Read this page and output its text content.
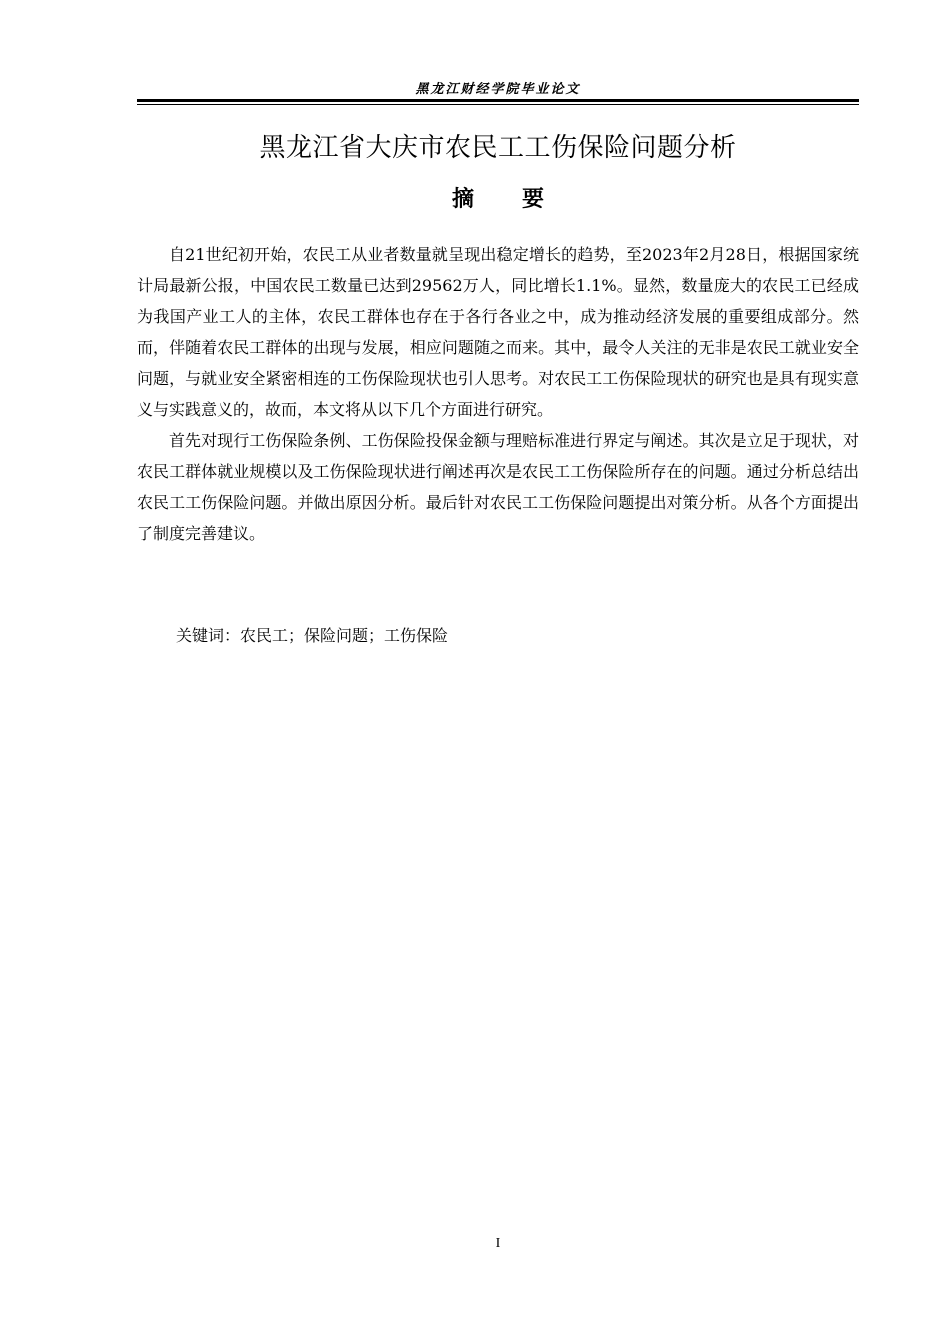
黑龙江财经学院毕业论文
黑龙江省大庆市农民工工伤保险问题分析
摘 要

自21世纪初开始，农民工从业者数量就呈现出稳定增长的趋势，至2023年2月28日，根据国家统计局最新公报，中国农民工数量已达到29562万人，同比增长1.1%。显然，数量庞大的农民工已经成为我国产业工人的主体，农民工群体也存在于各行各业之中，成为推动经济发展的重要组成部分。然而，伴随着农民工群体的出现与发展，相应问题随之而来。其中，最令人关注的无非是农民工就业安全问题，与就业安全紧密相连的工伤保险现状也引人思考。对农民工工伤保险现状的研究也是具有现实意义与实践意义的，故而，本文将从以下几个方面进行研究。

首先对现行工伤保险条例、工伤保险投保金额与理赔标准进行界定与阐述。其次是立足于现状，对农民工群体就业规模以及工伤保险现状进行阐述再次是农民工工伤保险所存在的问题。通过分析总结出农民工工伤保险问题。并做出原因分析。最后针对农民工工伤保险问题提出对策分析。从各个方面提出了制度完善建议。

关键词：农民工；保险问题；工伤保险
I
